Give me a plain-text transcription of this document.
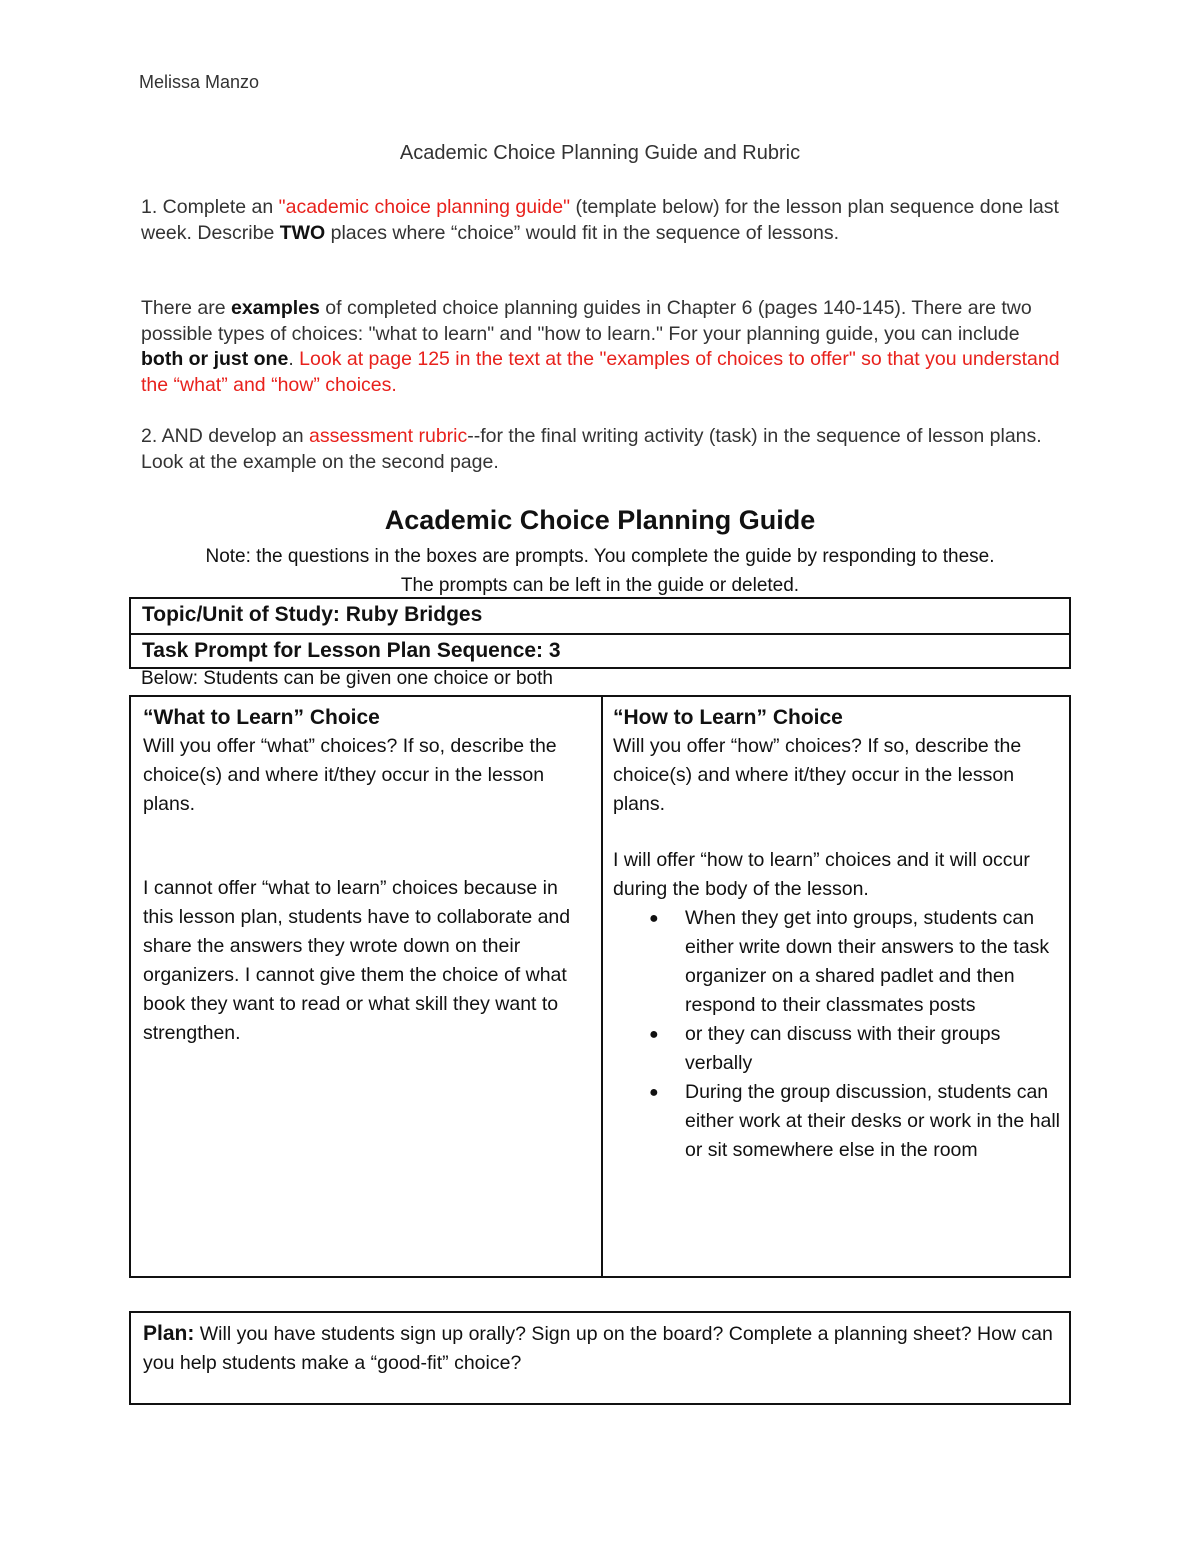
Melissa Manzo
Academic Choice Planning Guide and Rubric
1. Complete an "academic choice planning guide" (template below) for the lesson plan sequence done last week. Describe TWO places where “choice” would fit in the sequence of lessons.
There are examples of completed choice planning guides in Chapter 6 (pages 140-145). There are two possible types of choices: "what to learn" and "how to learn." For your planning guide, you can include both or just one. Look at page 125 in the text at the "examples of choices to offer" so that you understand the “what” and “how” choices.
2. AND develop an assessment rubric--for the final writing activity (task) in the sequence of lesson plans. Look at the example on the second page.
Academic Choice Planning Guide
Note: the questions in the boxes are prompts. You complete the guide by responding to these.
The prompts can be left in the guide or deleted.
Topic/Unit of Study: Ruby Bridges
Task Prompt for Lesson Plan Sequence: 3
Below: Students can be given one choice or both
“What to Learn” Choice
Will you offer “what” choices? If so, describe the choice(s) and where it/they occur in the lesson plans.
I cannot offer “what to learn” choices because in this lesson plan, students have to collaborate and share the answers they wrote down on their organizers. I cannot give them the choice of what book they want to read or what skill they want to strengthen.
“How to Learn” Choice
Will you offer “how” choices? If so, describe the choice(s) and where it/they occur in the lesson plans.
I will offer “how to learn” choices and it will occur during the body of the lesson.
● When they get into groups, students can either write down their answers to the task organizer on a shared padlet and then respond to their classmates posts
● or they can discuss with their groups verbally
● During the group discussion, students can either work at their desks or work in the hall or sit somewhere else in the room
Plan: Will you have students sign up orally? Sign up on the board? Complete a planning sheet? How can you help students make a “good-fit” choice?
